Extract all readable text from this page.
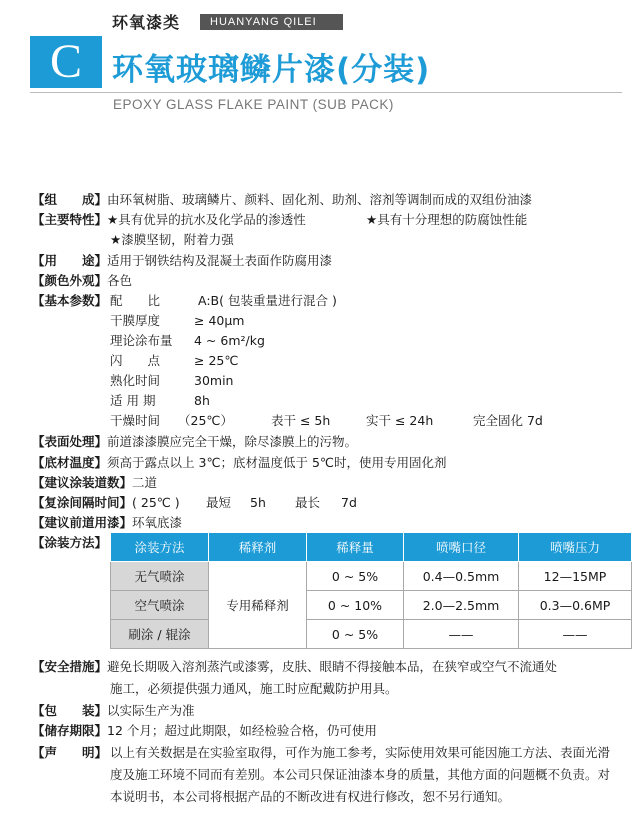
环氧漆类	HUANYANG QILEI
C 环氧玻璃鳞片漆(分装)
EPOXY GLASS FLAKE PAINT (SUB PACK)
【组　　成】由环氧树脂、玻璃鳞片、颜料、固化剂、助剂、溶剂等调制而成的双组份油漆
【主要特性】★具有优异的抗水及化学品的渗透性	★具有十分理想的防腐蚀性能
★漆膜坚韧，附着力强
【用　　途】适用于钢铁结构及混凝土表面作防腐用漆
【颜色外观】各色
【基本参数】 配　　比	A:B( 包装重量进行混合 )
干膜厚度	≥ 40μm
理论涂布量 4 ~ 6m²/kg
闪　　点	≥ 25℃
熟化时间	30min
适 用 期	8h
干燥时间 （25℃）	表干 ≤ 5h	实干 ≤ 24h	完全固化 7d
【表面处理】前道漆漆膜应完全干燥，除尽漆膜上的污物。
【底材温度】须高于露点以上 3℃；底材温度低于 5℃时，使用专用固化剂
【建议涂装道数】二道
【复涂间隔时间】( 25℃ ) 最短 5h 最长 7d
【建议前道用漆】环氧底漆
【涂装方法】 涂装方法	稀释剂	稀释量	喷嘴口径	喷嘴压力
无气喷涂	专用稀释剂	0 ~ 5%	0.4—0.5mm	12—15MP
空气喷涂		0 ~ 10%	2.0—2.5mm	0.3—0.6MP
刷涂 / 辊涂		0 ~ 5%	——	——
【安全措施】避免长期吸入溶剂蒸汽或漆雾，皮肤、眼睛不得接触本品，在狭窄或空气不流通处
施工，必须提供强力通风，施工时应配戴防护用具。
【包　　装】以实际生产为准
【储存期限】12 个月；超过此期限，如经检验合格，仍可使用
【声　　明】 以上有关数据是在实验室取得，可作为施工参考，实际使用效果可能因施工方法、表面光滑度及施工环境不同而有差别。本公司只保证油漆本身的质量，其他方面的问题概不负责。对本说明书，本公司将根据产品的不断改进有权进行修改，恕不另行通知。
